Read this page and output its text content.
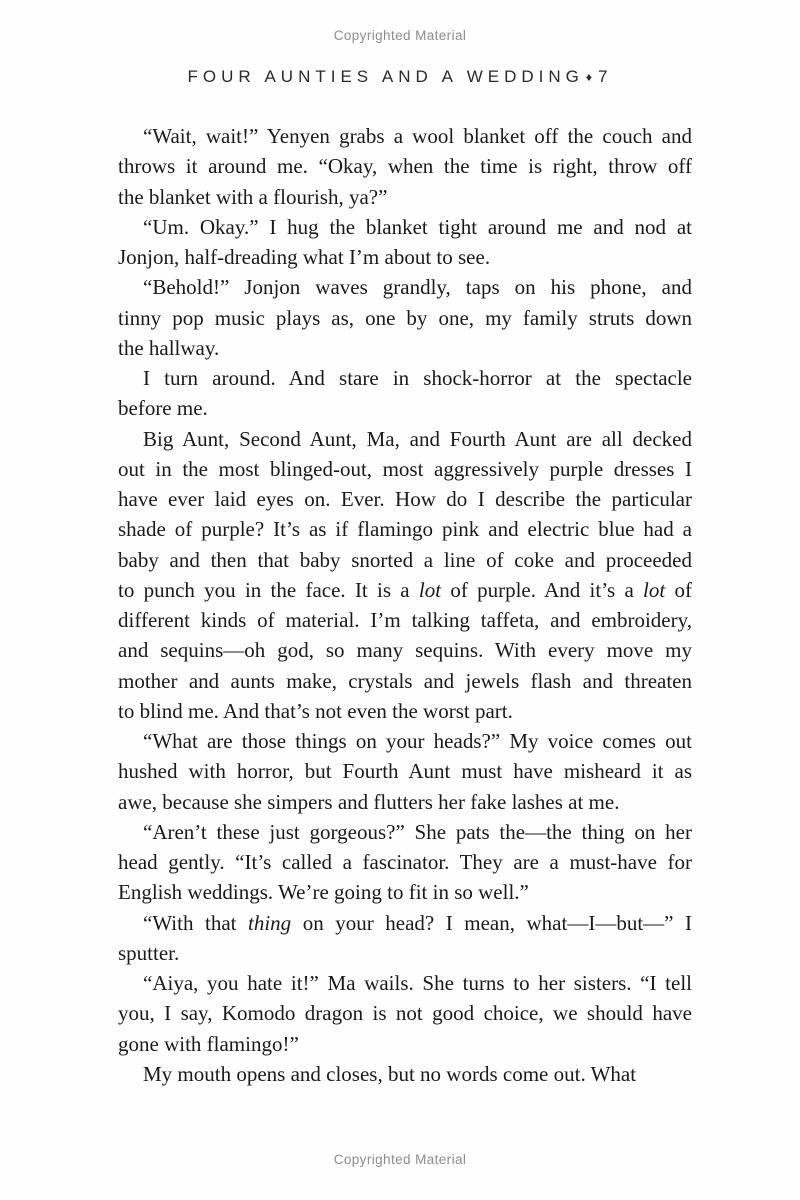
Copyrighted Material
FOUR AUNTIES AND A WEDDING ♦ 7
“Wait, wait!” Yenyen grabs a wool blanket off the couch and
throws it around me. “Okay, when the time is right, throw off
the blanket with a flourish, ya?”
“Um. Okay.” I hug the blanket tight around me and nod at
Jonjon, half-dreading what I’m about to see.
“Behold!” Jonjon waves grandly, taps on his phone, and
tinny pop music plays as, one by one, my family struts down
the hallway.
I turn around. And stare in shock-horror at the spectacle
before me.
Big Aunt, Second Aunt, Ma, and Fourth Aunt are all decked
out in the most blinged-out, most aggressively purple dresses I
have ever laid eyes on. Ever. How do I describe the particular
shade of purple? It’s as if flamingo pink and electric blue had a
baby and then that baby snorted a line of coke and proceeded
to punch you in the face. It is a lot of purple. And it’s a lot of
different kinds of material. I’m talking taffeta, and embroidery,
and sequins—oh god, so many sequins. With every move my
mother and aunts make, crystals and jewels flash and threaten
to blind me. And that’s not even the worst part.
“What are those things on your heads?” My voice comes out
hushed with horror, but Fourth Aunt must have misheard it as
awe, because she simpers and flutters her fake lashes at me.
“Aren’t these just gorgeous?” She pats the—the thing on her
head gently. “It’s called a fascinator. They are a must-have for
English weddings. We’re going to fit in so well.”
“With that thing on your head? I mean, what—I—but—” I
sputter.
“Aiya, you hate it!” Ma wails. She turns to her sisters. “I tell
you, I say, Komodo dragon is not good choice, we should have
gone with flamingo!”
My mouth opens and closes, but no words come out. What
Copyrighted Material
